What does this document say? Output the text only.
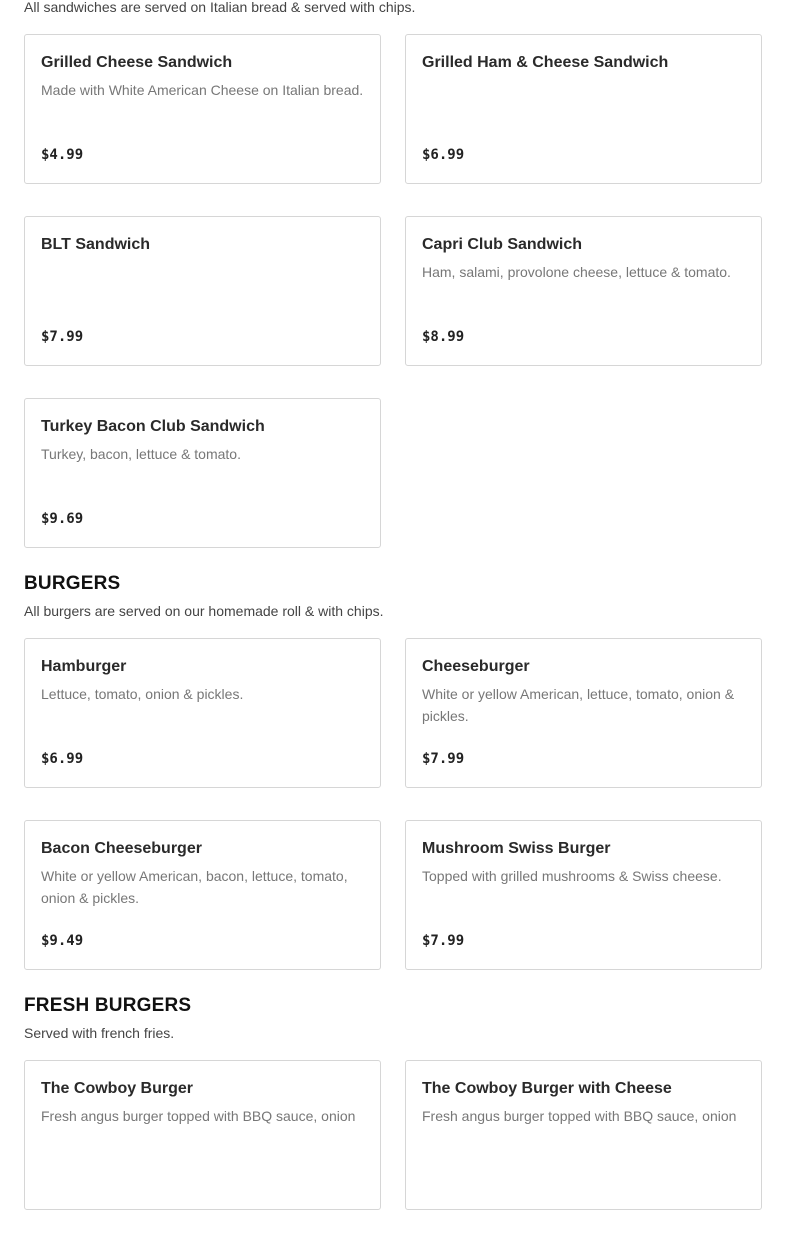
All sandwiches are served on Italian bread & served with chips.
Grilled Cheese Sandwich
Made with White American Cheese on Italian bread.
$4.99
Grilled Ham & Cheese Sandwich
$6.99
BLT Sandwich
$7.99
Capri Club Sandwich
Ham, salami, provolone cheese, lettuce & tomato.
$8.99
Turkey Bacon Club Sandwich
Turkey, bacon, lettuce & tomato.
$9.69
BURGERS
All burgers are served on our homemade roll & with chips.
Hamburger
Lettuce, tomato, onion & pickles.
$6.99
Cheeseburger
White or yellow American, lettuce, tomato, onion & pickles.
$7.99
Bacon Cheeseburger
White or yellow American, bacon, lettuce, tomato, onion & pickles.
$9.49
Mushroom Swiss Burger
Topped with grilled mushrooms & Swiss cheese.
$7.99
FRESH BURGERS
Served with french fries.
The Cowboy Burger
Fresh angus burger topped with BBQ sauce, onion
The Cowboy Burger with Cheese
Fresh angus burger topped with BBQ sauce, onion
